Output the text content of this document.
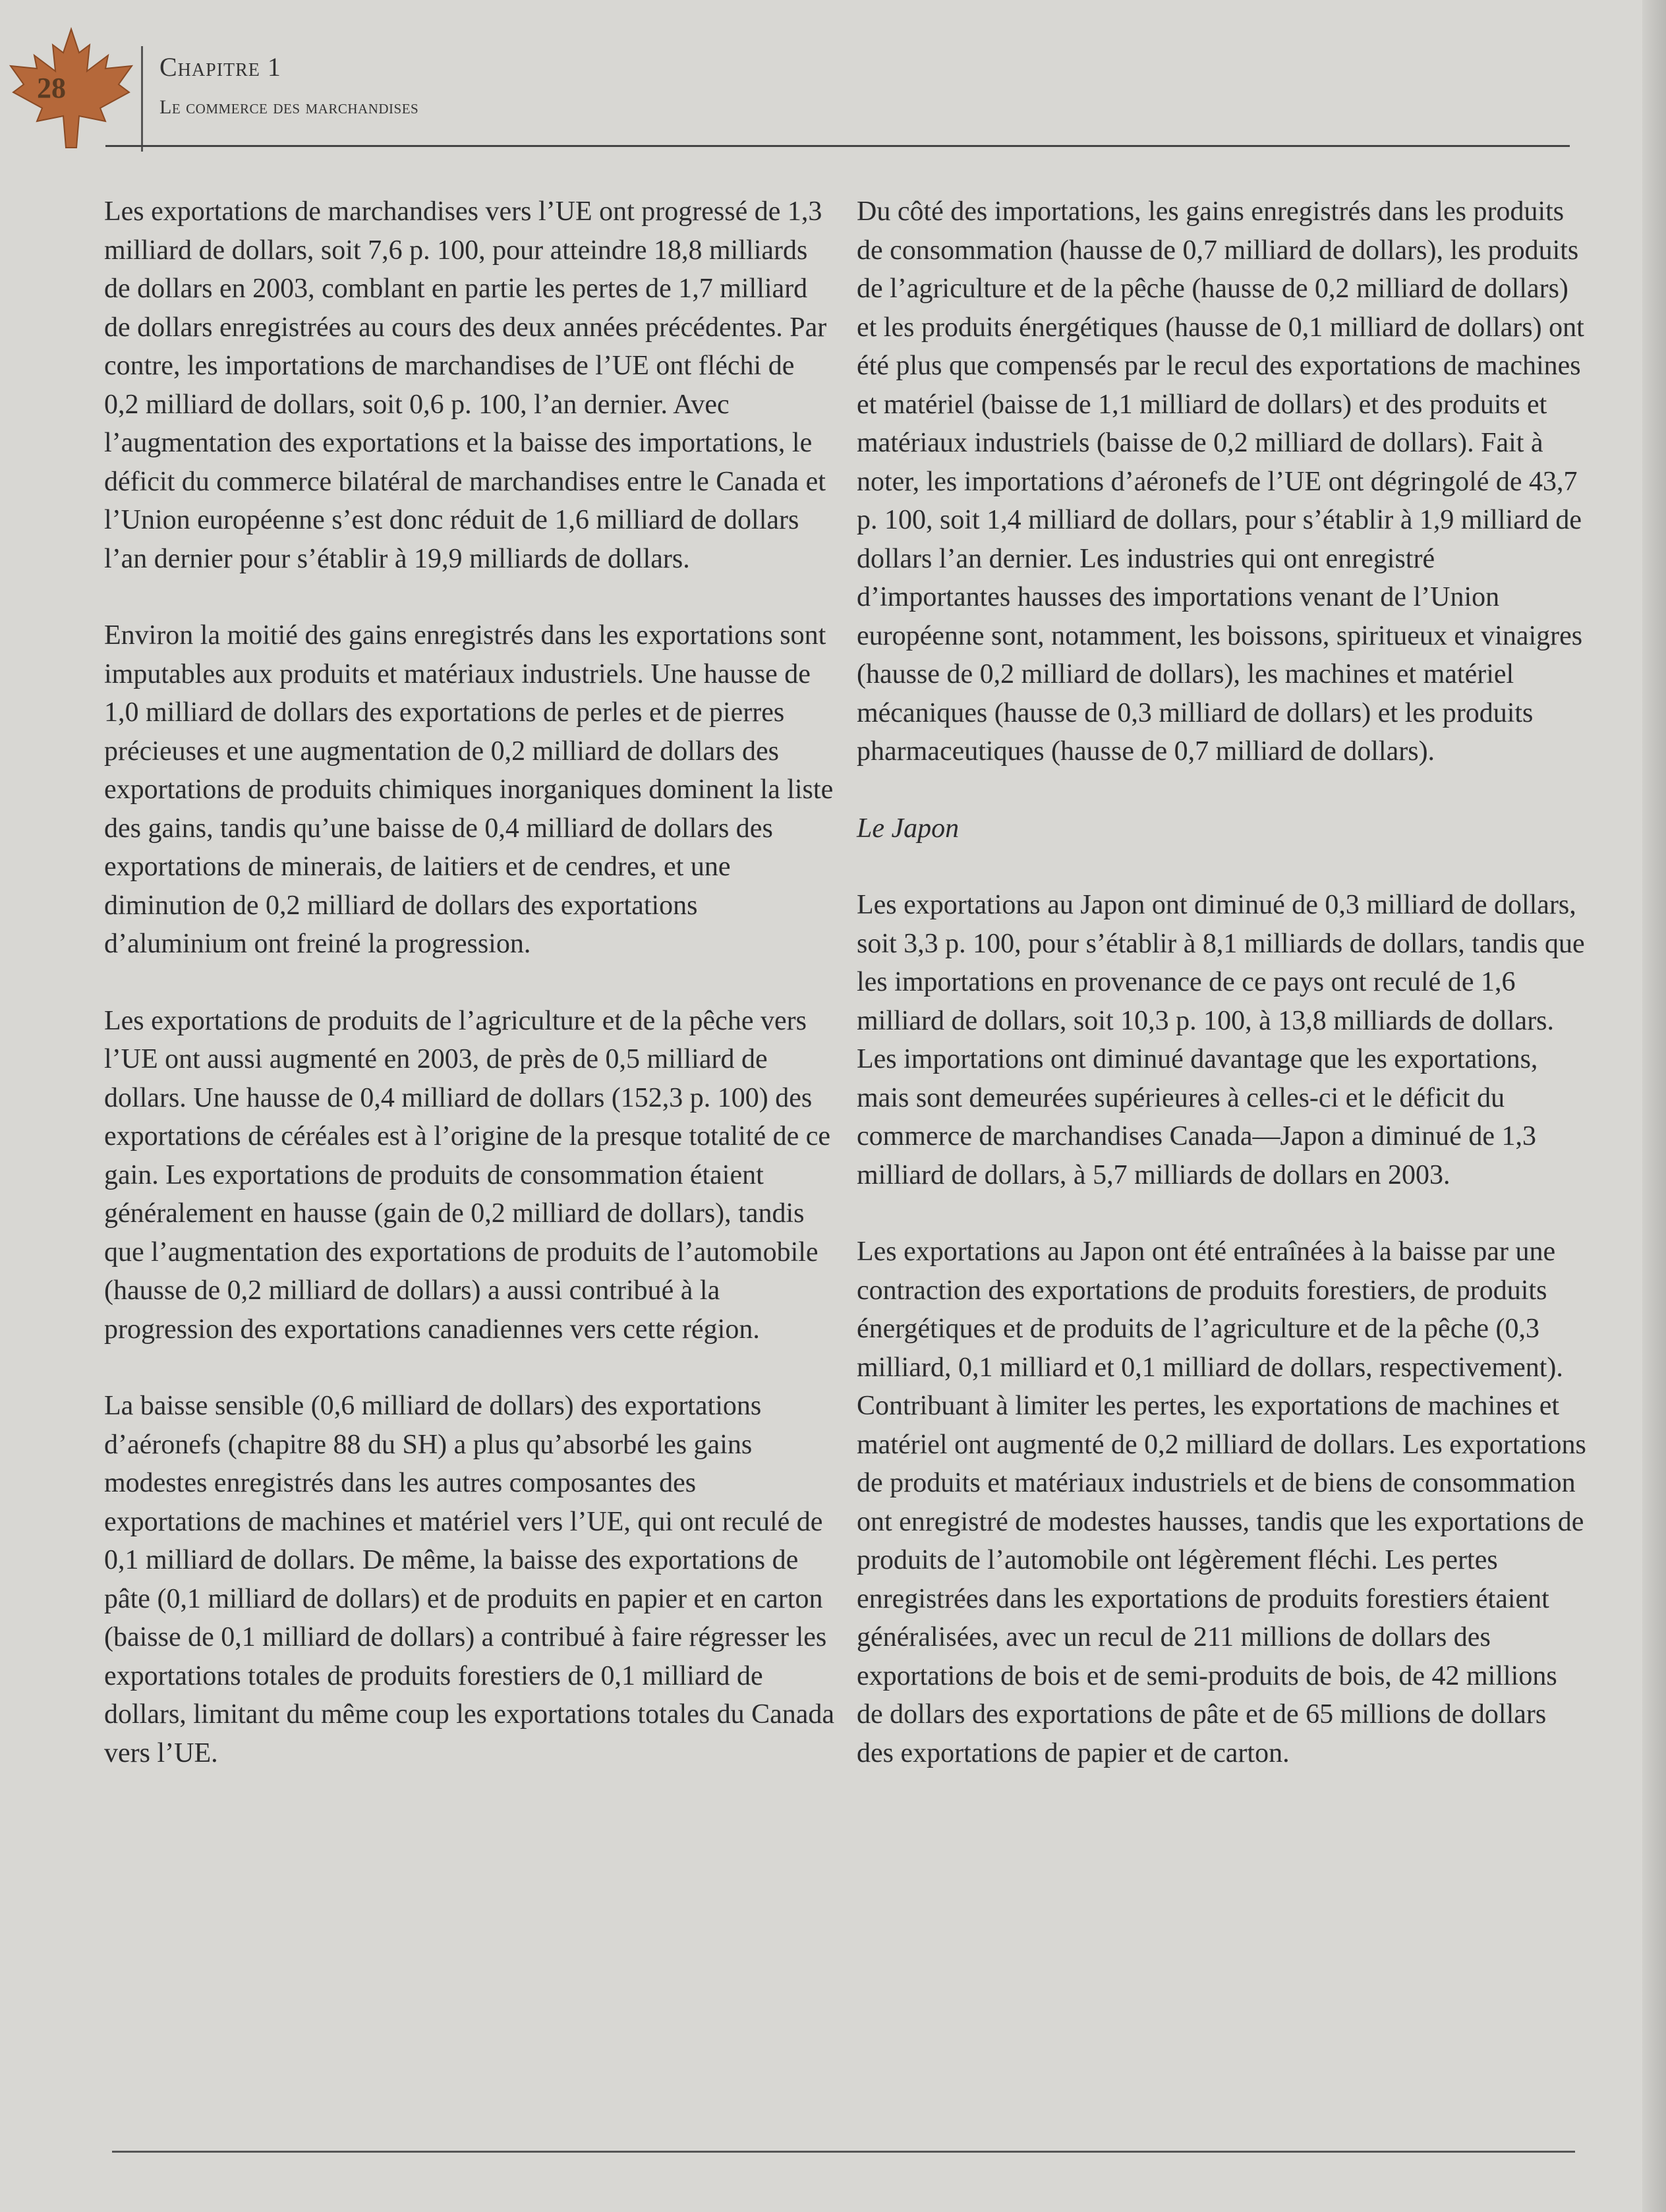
28
Chapitre 1
Le commerce des marchandises

Les exportations de marchandises vers l’UE ont progressé de 1,3 milliard de dollars, soit 7,6 p. 100, pour atteindre 18,8 milliards de dollars en 2003, comblant en partie les pertes de 1,7 milliard de dollars enregistrées au cours des deux années précédentes. Par contre, les importations de marchandises de l’UE ont fléchi de 0,2 milliard de dollars, soit 0,6 p. 100, l’an dernier. Avec l’augmentation des exportations et la baisse des importations, le déficit du commerce bilatéral de marchandises entre le Canada et l’Union européenne s’est donc réduit de 1,6 milliard de dollars l’an dernier pour s’établir à 19,9 milliards de dollars.

Environ la moitié des gains enregistrés dans les exportations sont imputables aux produits et matériaux industriels. Une hausse de 1,0 milliard de dollars des exportations de perles et de pierres précieuses et une augmentation de 0,2 milliard de dollars des exportations de produits chimiques inorganiques dominent la liste des gains, tandis qu’une baisse de 0,4 milliard de dollars des exportations de minerais, de laitiers et de cendres, et une diminution de 0,2 milliard de dollars des exportations d’aluminium ont freiné la progression.

Les exportations de produits de l’agriculture et de la pêche vers l’UE ont aussi augmenté en 2003, de près de 0,5 milliard de dollars. Une hausse de 0,4 milliard de dollars (152,3 p. 100) des exportations de céréales est à l’origine de la presque totalité de ce gain. Les exportations de produits de consommation étaient généralement en hausse (gain de 0,2 milliard de dollars), tandis que l’augmentation des exportations de produits de l’automobile (hausse de 0,2 milliard de dollars) a aussi contribué à la progression des exportations canadiennes vers cette région.

La baisse sensible (0,6 milliard de dollars) des exportations d’aéronefs (chapitre 88 du SH) a plus qu’absorbé les gains modestes enregistrés dans les autres composantes des exportations de machines et matériel vers l’UE, qui ont reculé de 0,1 milliard de dollars. De même, la baisse des exportations de pâte (0,1 milliard de dollars) et de produits en papier et en carton (baisse de 0,1 milliard de dollars) a contribué à faire régresser les exportations totales de produits forestiers de 0,1 milliard de dollars, limitant du même coup les exportations totales du Canada vers l’UE.

Du côté des importations, les gains enregistrés dans les produits de consommation (hausse de 0,7 milliard de dollars), les produits de l’agriculture et de la pêche (hausse de 0,2 milliard de dollars) et les produits énergétiques (hausse de 0,1 milliard de dollars) ont été plus que compensés par le recul des exportations de machines et matériel (baisse de 1,1 milliard de dollars) et des produits et matériaux industriels (baisse de 0,2 milliard de dollars). Fait à noter, les importations d’aéronefs de l’UE ont dégringolé de 43,7 p. 100, soit 1,4 milliard de dollars, pour s’établir à 1,9 milliard de dollars l’an dernier. Les industries qui ont enregistré d’importantes hausses des importations venant de l’Union européenne sont, notamment, les boissons, spiritueux et vinaigres (hausse de 0,2 milliard de dollars), les machines et matériel mécaniques (hausse de 0,3 milliard de dollars) et les produits pharmaceutiques (hausse de 0,7 milliard de dollars).

Le Japon

Les exportations au Japon ont diminué de 0,3 milliard de dollars, soit 3,3 p. 100, pour s’établir à 8,1 milliards de dollars, tandis que les importations en provenance de ce pays ont reculé de 1,6 milliard de dollars, soit 10,3 p. 100, à 13,8 milliards de dollars. Les importations ont diminué davantage que les exportations, mais sont demeurées supérieures à celles-ci et le déficit du commerce de marchandises Canada—Japon a diminué de 1,3 milliard de dollars, à 5,7 milliards de dollars en 2003.

Les exportations au Japon ont été entraînées à la baisse par une contraction des exportations de produits forestiers, de produits énergétiques et de produits de l’agriculture et de la pêche (0,3 milliard, 0,1 milliard et 0,1 milliard de dollars, respectivement). Contribuant à limiter les pertes, les exportations de machines et matériel ont augmenté de 0,2 milliard de dollars. Les exportations de produits et matériaux industriels et de biens de consommation ont enregistré de modestes hausses, tandis que les exportations de produits de l’automobile ont légèrement fléchi. Les pertes enregistrées dans les exportations de produits forestiers étaient généralisées, avec un recul de 211 millions de dollars des exportations de bois et de semi-produits de bois, de 42 millions de dollars des exportations de pâte et de 65 millions de dollars des exportations de papier et de carton.
